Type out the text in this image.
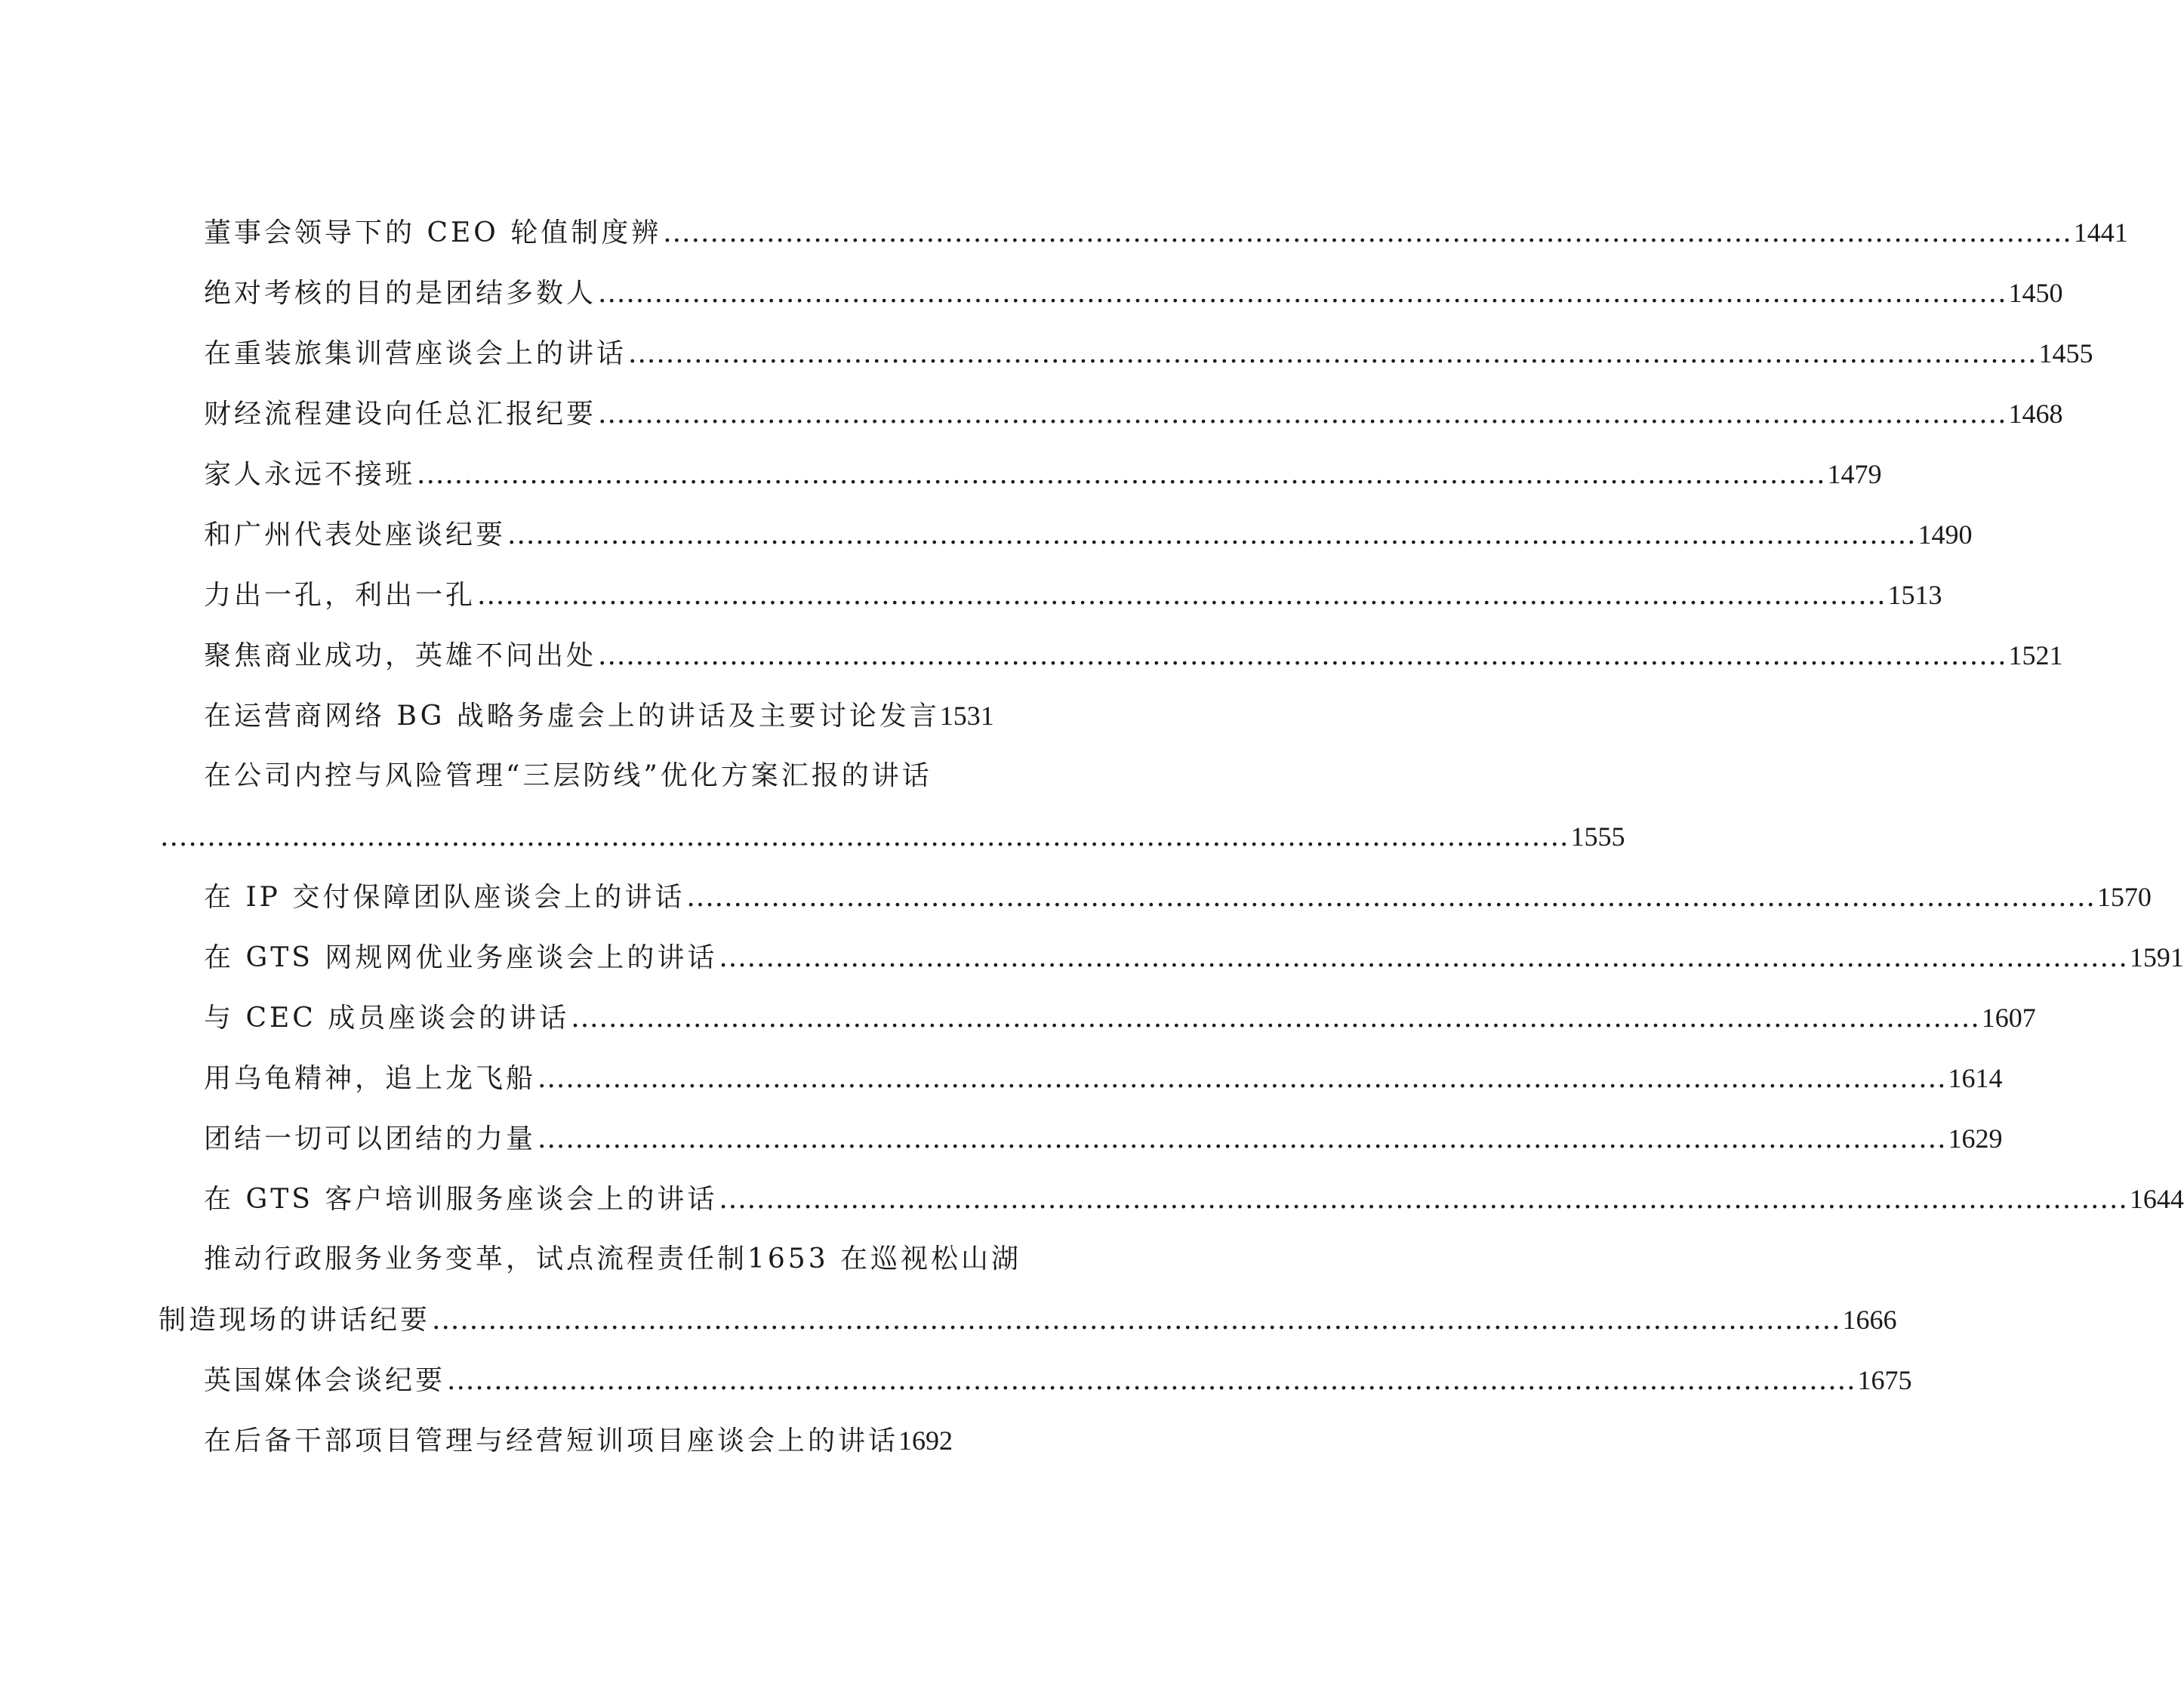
董事会领导下的 CEO 轮值制度辨 ...................................................................................................................................................... 1441
绝对考核的目的是团结多数人 ...................................................................................................................................................... 1450
在重装旅集训营座谈会上的讲话 ...................................................................................................................................................... 1455
财经流程建设向任总汇报纪要 ...................................................................................................................................................... 1468
家人永远不接班 ...................................................................................................................................................... 1479
和广州代表处座谈纪要 ...................................................................................................................................................... 1490
力出一孔，利出一孔 ...................................................................................................................................................... 1513
聚焦商业成功，英雄不问出处 ...................................................................................................................................................... 1521
在运营商网络 BG 战略务虚会上的讲话及主要讨论发言1531
在公司内控与风险管理“三层防线”优化方案汇报的讲话
...................................................................................................................................................... 1555
在 IP 交付保障团队座谈会上的讲话 ...................................................................................................................................................... 1570
在 GTS 网规网优业务座谈会上的讲话 ...................................................................................................................................................... 1591
与 CEC 成员座谈会的讲话 ...................................................................................................................................................... 1607
用乌龟精神，追上龙飞船 ...................................................................................................................................................... 1614
团结一切可以团结的力量 ...................................................................................................................................................... 1629
在 GTS 客户培训服务座谈会上的讲话 ...................................................................................................................................................... 1644
推动行政服务业务变革，试点流程责任制1653 在巡视松山湖
制造现场的讲话纪要 ...................................................................................................................................................... 1666
英国媒体会谈纪要 ...................................................................................................................................................... 1675
在后备干部项目管理与经营短训项目座谈会上的讲话1692
